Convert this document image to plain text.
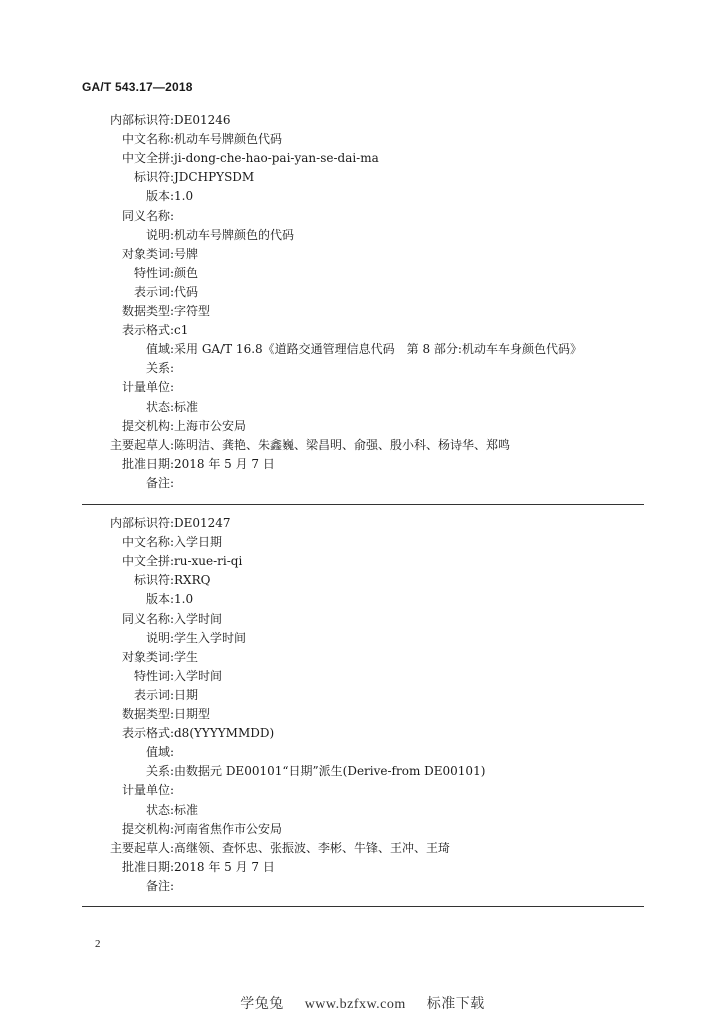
GA/T 543.17—2018
内部标识符: DE01246
中文名称: 机动车号牌颜色代码
中文全拼: ji-dong-che-hao-pai-yan-se-dai-ma
标识符: JDCHPYSDM
版本: 1.0
同义名称:
说明: 机动车号牌颜色的代码
对象类词: 号牌
特性词: 颜色
表示词: 代码
数据类型: 字符型
表示格式: c1
值域: 采用 GA/T 16.8《道路交通管理信息代码　第 8 部分:机动车车身颜色代码》
关系:
计量单位:
状态: 标准
提交机构: 上海市公安局
主要起草人: 陈明洁、龚艳、朱鑫巍、梁昌明、俞强、殷小科、杨诗华、郑鸣
批准日期: 2018 年 5 月 7 日
备注:
内部标识符: DE01247
中文名称: 入学日期
中文全拼: ru-xue-ri-qi
标识符: RXRQ
版本: 1.0
同义名称: 入学时间
说明: 学生入学时间
对象类词: 学生
特性词: 入学时间
表示词: 日期
数据类型: 日期型
表示格式: d8(YYYYMMDD)
值域:
关系: 由数据元 DE00101“日期”派生(Derive-from DE00101)
计量单位:
状态: 标准
提交机构: 河南省焦作市公安局
主要起草人: 髙继领、查怀忠、张振波、李彬、牛锋、王冲、王琦
批准日期: 2018 年 5 月 7 日
备注:
2
学兔兔 www.bzfxw.com 标准下载
